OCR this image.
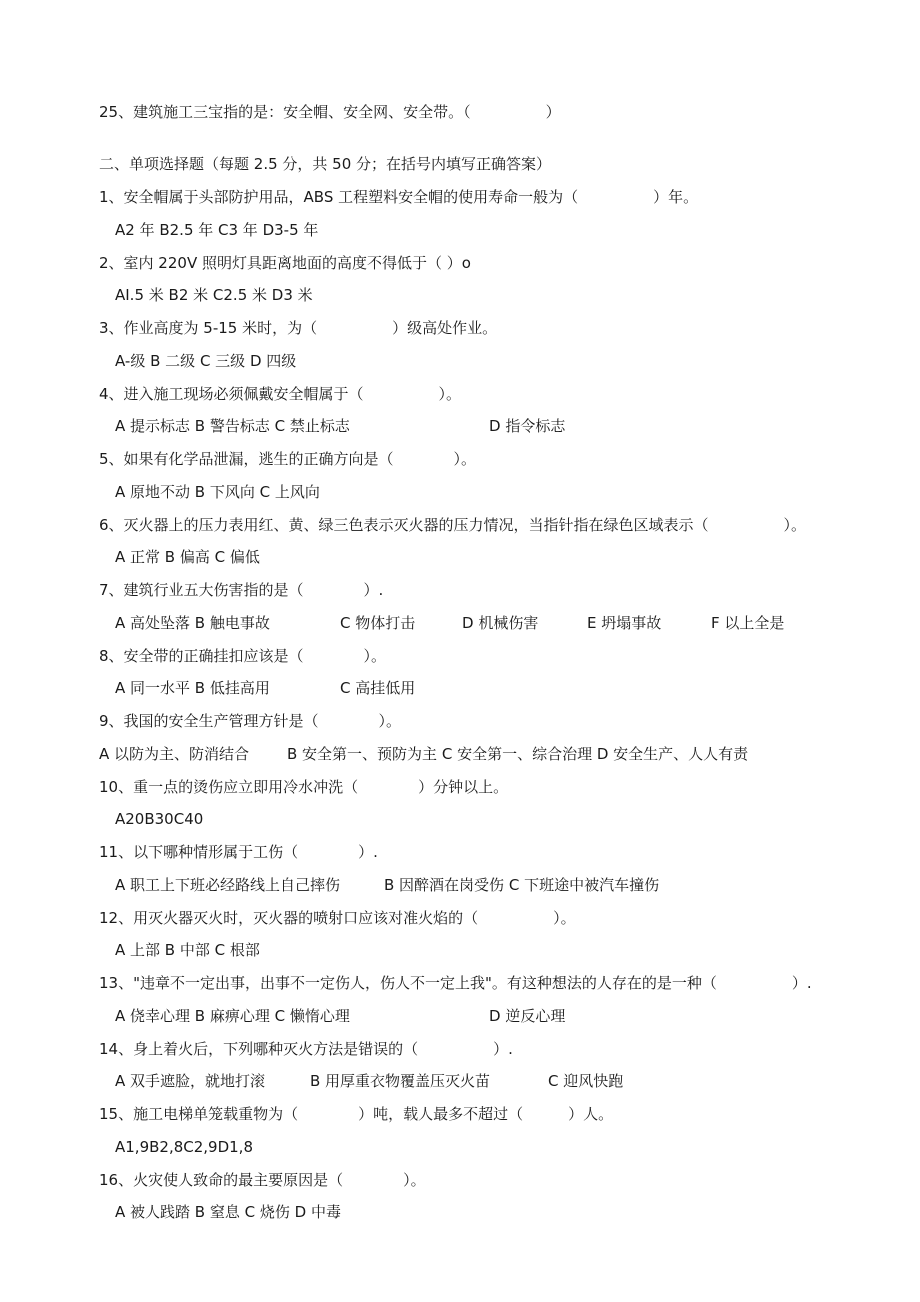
25、建筑施工三宝指的是：安全帽、安全网、安全带。（　　　　　）
二、单项选择题（每题 2.5 分，共 50 分；在括号内填写正确答案）
1、安全帽属于头部防护用品，ABS 工程塑料安全帽的使用寿命一般为（　　　　　）年。
A2 年 B2.5 年 C3 年 D3-5 年
2、室内 220V 照明灯具距离地面的高度不得低于（ ）o
AI.5 米 B2 米 C2.5 米 D3 米
3、作业高度为 5-15 米时，为（　　　　　）级高处作业。
A-级 B 二级 C 三级 D 四级
4、进入施工现场必须佩戴安全帽属于（　　　　　）。
A 提示标志 B 警告标志 C 禁止标志	D 指令标志
5、如果有化学品泄漏，逃生的正确方向是（　　　　）。
A 原地不动 B 下风向 C 上风向
6、灭火器上的压力表用红、黄、绿三色表示灭火器的压力情况，当指针指在绿色区域表示（　　　　　）。
A 正常 B 偏高 C 偏低
7、建筑行业五大伤害指的是（　　　　）.
A 高处坠落 B 触电事故	C 物体打击	D 机械伤害	E 坍塌事故	F 以上全是
8、安全带的正确挂扣应该是（　　　　）。
A 同一水平 B 低挂高用	C 高挂低用
9、我国的安全生产管理方针是（　　　　）。
A 以防为主、防消结合	B 安全第一、预防为主 C 安全第一、综合治理 D 安全生产、人人有责
10、重一点的烫伤应立即用冷水冲洗（　　　　）分钟以上。
A20B30C40
11、以下哪种情形属于工伤（　　　　）.
A 职工上下班必经路线上自己摔伤	B 因醉酒在岗受伤 C 下班途中被汽车撞伤
12、用灭火器灭火时，灭火器的喷射口应该对准火焰的（　　　　　）。
A 上部 B 中部 C 根部
13、"违章不一定出事，出事不一定伤人，伤人不一定上我"。有这种想法的人存在的是一种（　　　　　）.
A 侥幸心理 B 麻痹心理 C 懒惰心理	D 逆反心理
14、身上着火后，下列哪种灭火方法是错误的（　　　　　）.
A 双手遮脸，就地打滚	B 用厚重衣物覆盖压灭火苗	C 迎风快跑
15、施工电梯单笼载重物为（　　　　）吨，载人最多不超过（　　　）人。
A1,9B2,8C2,9D1,8
16、火灾使人致命的最主要原因是（　　　　）。
A 被人践踏 B 窒息 C 烧伤 D 中毒
